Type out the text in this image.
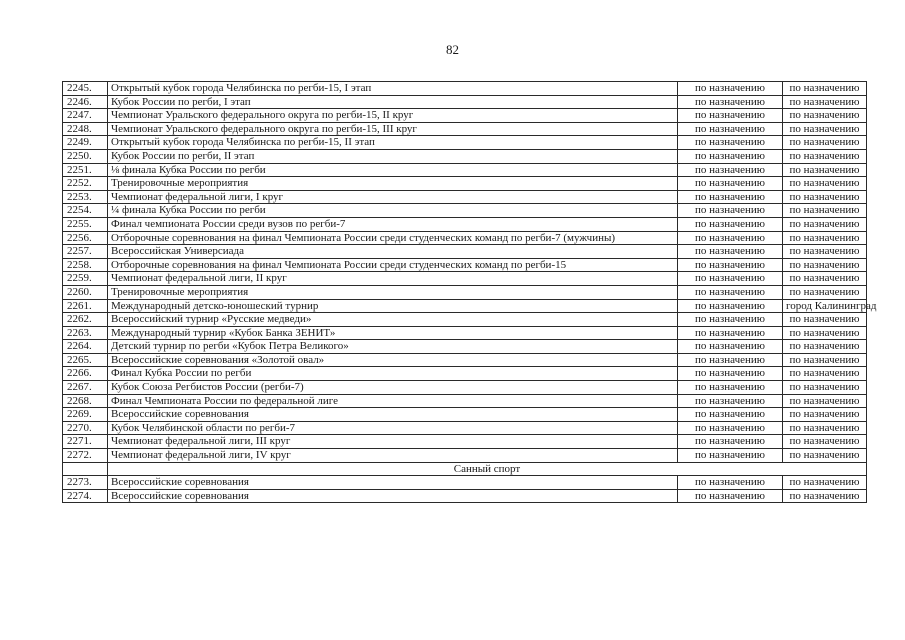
82
2245.	Открытый кубок города Челябинска по регби-15, I этап	по назначению	по назначению
2246.	Кубок России по регби, I этап	по назначению	по назначению
2247.	Чемпионат Уральского федерального округа по регби-15, II круг	по назначению	по назначению
2248.	Чемпионат Уральского федерального округа по регби-15, III круг	по назначению	по назначению
2249.	Открытый кубок города Челябинска по регби-15, II этап	по назначению	по назначению
2250.	Кубок России по регби, II этап	по назначению	по назначению
2251.	⅛ финала Кубка России по регби	по назначению	по назначению
2252.	Тренировочные мероприятия	по назначению	по назначению
2253.	Чемпионат федеральной лиги, I круг	по назначению	по назначению
2254.	¼ финала Кубка России по регби	по назначению	по назначению
2255.	Финал чемпионата России среди вузов по регби-7	по назначению	по назначению
2256.	Отборочные соревнования на финал Чемпионата России среди студенческих команд по регби-7 (мужчины)	по назначению	по назначению
2257.	Всероссийская Универсиада	по назначению	по назначению
2258.	Отборочные соревнования на финал Чемпионата России среди студенческих команд по регби-15	по назначению	по назначению
2259.	Чемпионат федеральной лиги, II круг	по назначению	по назначению
2260.	Тренировочные мероприятия	по назначению	по назначению
2261.	Международный детско-юношеский турнир	по назначению	город Калининград
2262.	Всероссийский турнир «Русские медведи»	по назначению	по назначению
2263.	Международный турнир «Кубок Банка ЗЕНИТ»	по назначению	по назначению
2264.	Детский турнир по регби «Кубок Петра Великого»	по назначению	по назначению
2265.	Всероссийские соревнования «Золотой овал»	по назначению	по назначению
2266.	Финал Кубка России по регби	по назначению	по назначению
2267.	Кубок Союза Регбистов России (регби-7)	по назначению	по назначению
2268.	Финал Чемпионата России по федеральной лиге	по назначению	по назначению
2269.	Всероссийские соревнования	по назначению	по назначению
2270.	Кубок Челябинской области по регби-7	по назначению	по назначению
2271.	Чемпионат федеральной лиги, III круг	по назначению	по назначению
2272.	Чемпионат федеральной лиги, IV круг	по назначению	по назначению
	Санный спорт		
2273.	Всероссийские соревнования	по назначению	по назначению
2274.	Всероссийские соревнования	по назначению	по назначению
